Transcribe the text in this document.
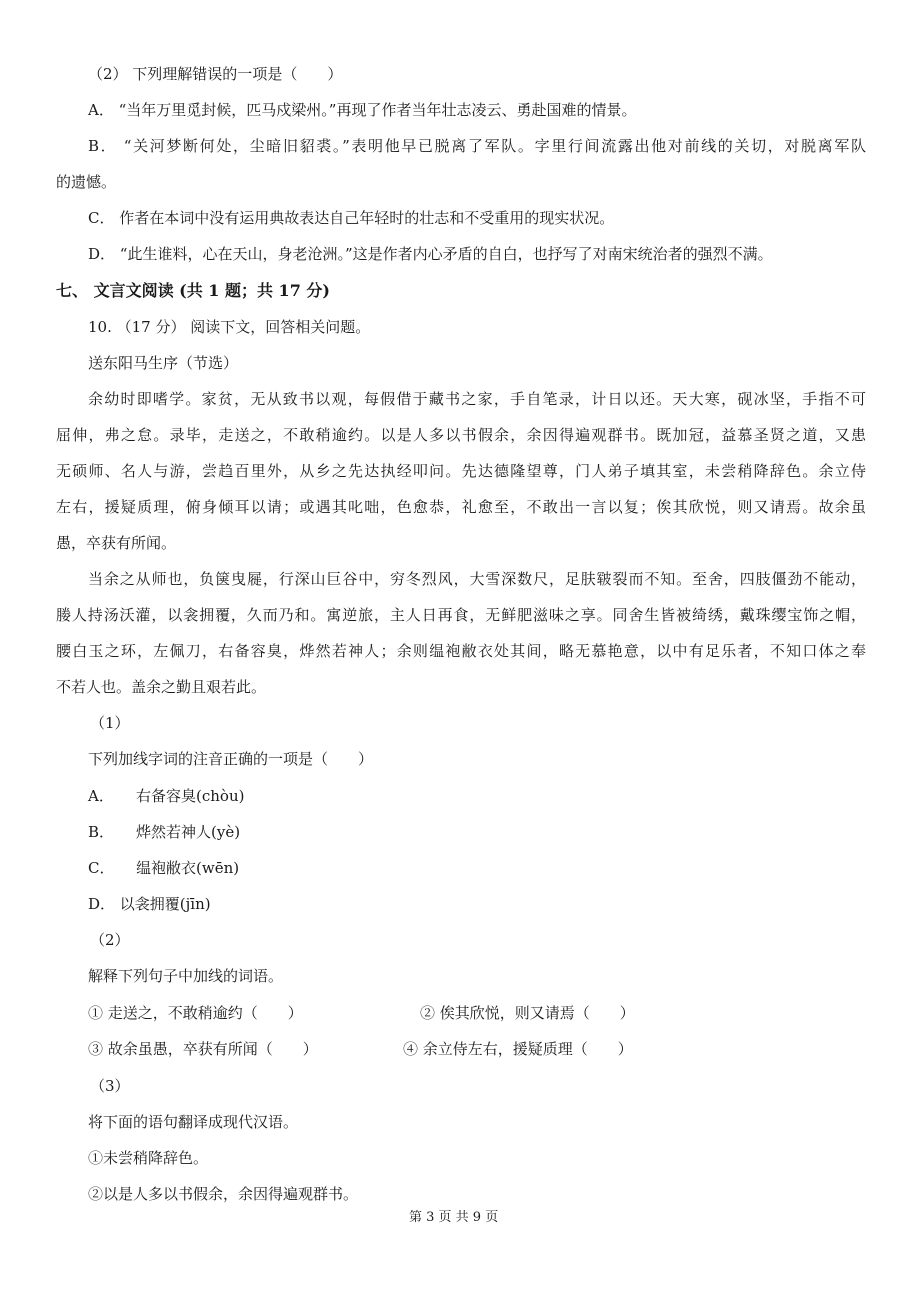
（2） 下列理解错误的一项是（　　）
A． “当年万里觅封候，匹马戍梁州。”再现了作者当年壮志凌云、勇赴国难的情景。
B． “关河梦断何处，尘暗旧貂裘。”表明他早已脱离了军队。字里行间流露出他对前线的关切，对脱离军队
的遗憾。
C． 作者在本词中没有运用典故表达自己年轻时的壮志和不受重用的现实状况。
D． “此生谁料，心在天山，身老沧洲。”这是作者内心矛盾的自白，也抒写了对南宋统治者的强烈不满。
七、 文言文阅读 (共 1 题；共 17 分)
10. （17 分） 阅读下文，回答相关问题。
送东阳马生序（节选）
余幼时即嗜学。家贫，无从致书以观，每假借于藏书之家，手自笔录，计日以还。天大寒，砚冰坚，手指不可
屈伸，弗之怠。录毕，走送之，不敢稍逾约。以是人多以书假余，余因得遍观群书。既加冠，益慕圣贤之道，又患
无硕师、名人与游，尝趋百里外，从乡之先达执经叩问。先达德隆望尊，门人弟子填其室，未尝稍降辞色。余立侍
左右，援疑质理，俯身倾耳以请；或遇其叱咄，色愈恭，礼愈至，不敢出一言以复；俟其欣悦，则又请焉。故余虽
愚，卒获有所闻。
当余之从师也，负箧曳屣，行深山巨谷中，穷冬烈风，大雪深数尺，足肤皲裂而不知。至舍，四肢僵劲不能动，
媵人持汤沃灌，以衾拥覆，久而乃和。寓逆旅，主人日再食，无鲜肥滋味之享。同舍生皆被绮绣，戴珠缨宝饰之帽，
腰白玉之环，左佩刀，右备容臭，烨然若神人；余则缊袍敝衣处其间，略无慕艳意，以中有足乐者，不知口体之奉
不若人也。盖余之勤且艰若此。
（1）
下列加线字词的注音正确的一项是（　　）
A． 右备容臭(chòu)
B． 烨然若神人(yè)
C． 缊袍敝衣(wēn)
D． 以衾拥覆(jīn)
（2）
解释下列句子中加线的词语。
① 走送之，不敢稍逾约（　　）	② 俟其欣悦，则又请焉（　　）
③ 故余虽愚，卒获有所闻（　　）	④ 余立侍左右，援疑质理（　　）
（3）
将下面的语句翻译成现代汉语。
①未尝稍降辞色。
②以是人多以书假余，余因得遍观群书。
第 3 页 共 9 页
